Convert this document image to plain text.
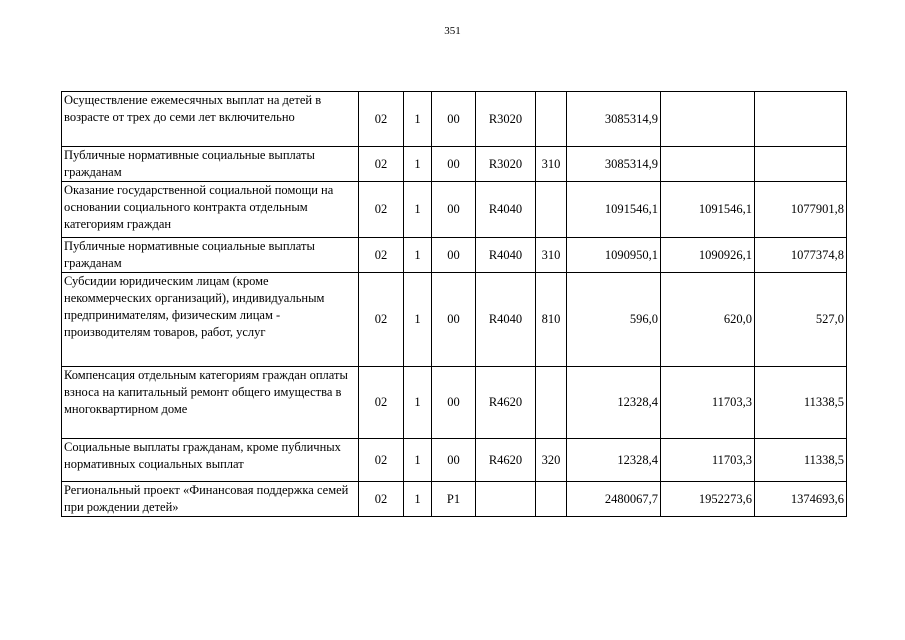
351
Осуществление ежемесячных выплат на детей в возрасте от трех до семи лет включительно	02	1	00	R3020		3085314,9		
Публичные нормативные социальные выплаты гражданам	02	1	00	R3020	310	3085314,9		
Оказание государственной социальной помощи на основании социального контракта отдельным категориям граждан	02	1	00	R4040		1091546,1	1091546,1	1077901,8
Публичные нормативные социальные выплаты гражданам	02	1	00	R4040	310	1090950,1	1090926,1	1077374,8
Субсидии юридическим лицам (кроме некоммерческих организаций), индивидуальным предпринимателям, физическим лицам - производителям товаров, работ, услуг	02	1	00	R4040	810	596,0	620,0	527,0
Компенсация отдельным категориям граждан оплаты взноса на капитальный ремонт общего имущества в многоквартирном доме	02	1	00	R4620		12328,4	11703,3	11338,5
Социальные выплаты гражданам, кроме публичных нормативных социальных выплат	02	1	00	R4620	320	12328,4	11703,3	11338,5
Региональный проект «Финансовая поддержка семей при рождении детей»	02	1	P1			2480067,7	1952273,6	1374693,6
